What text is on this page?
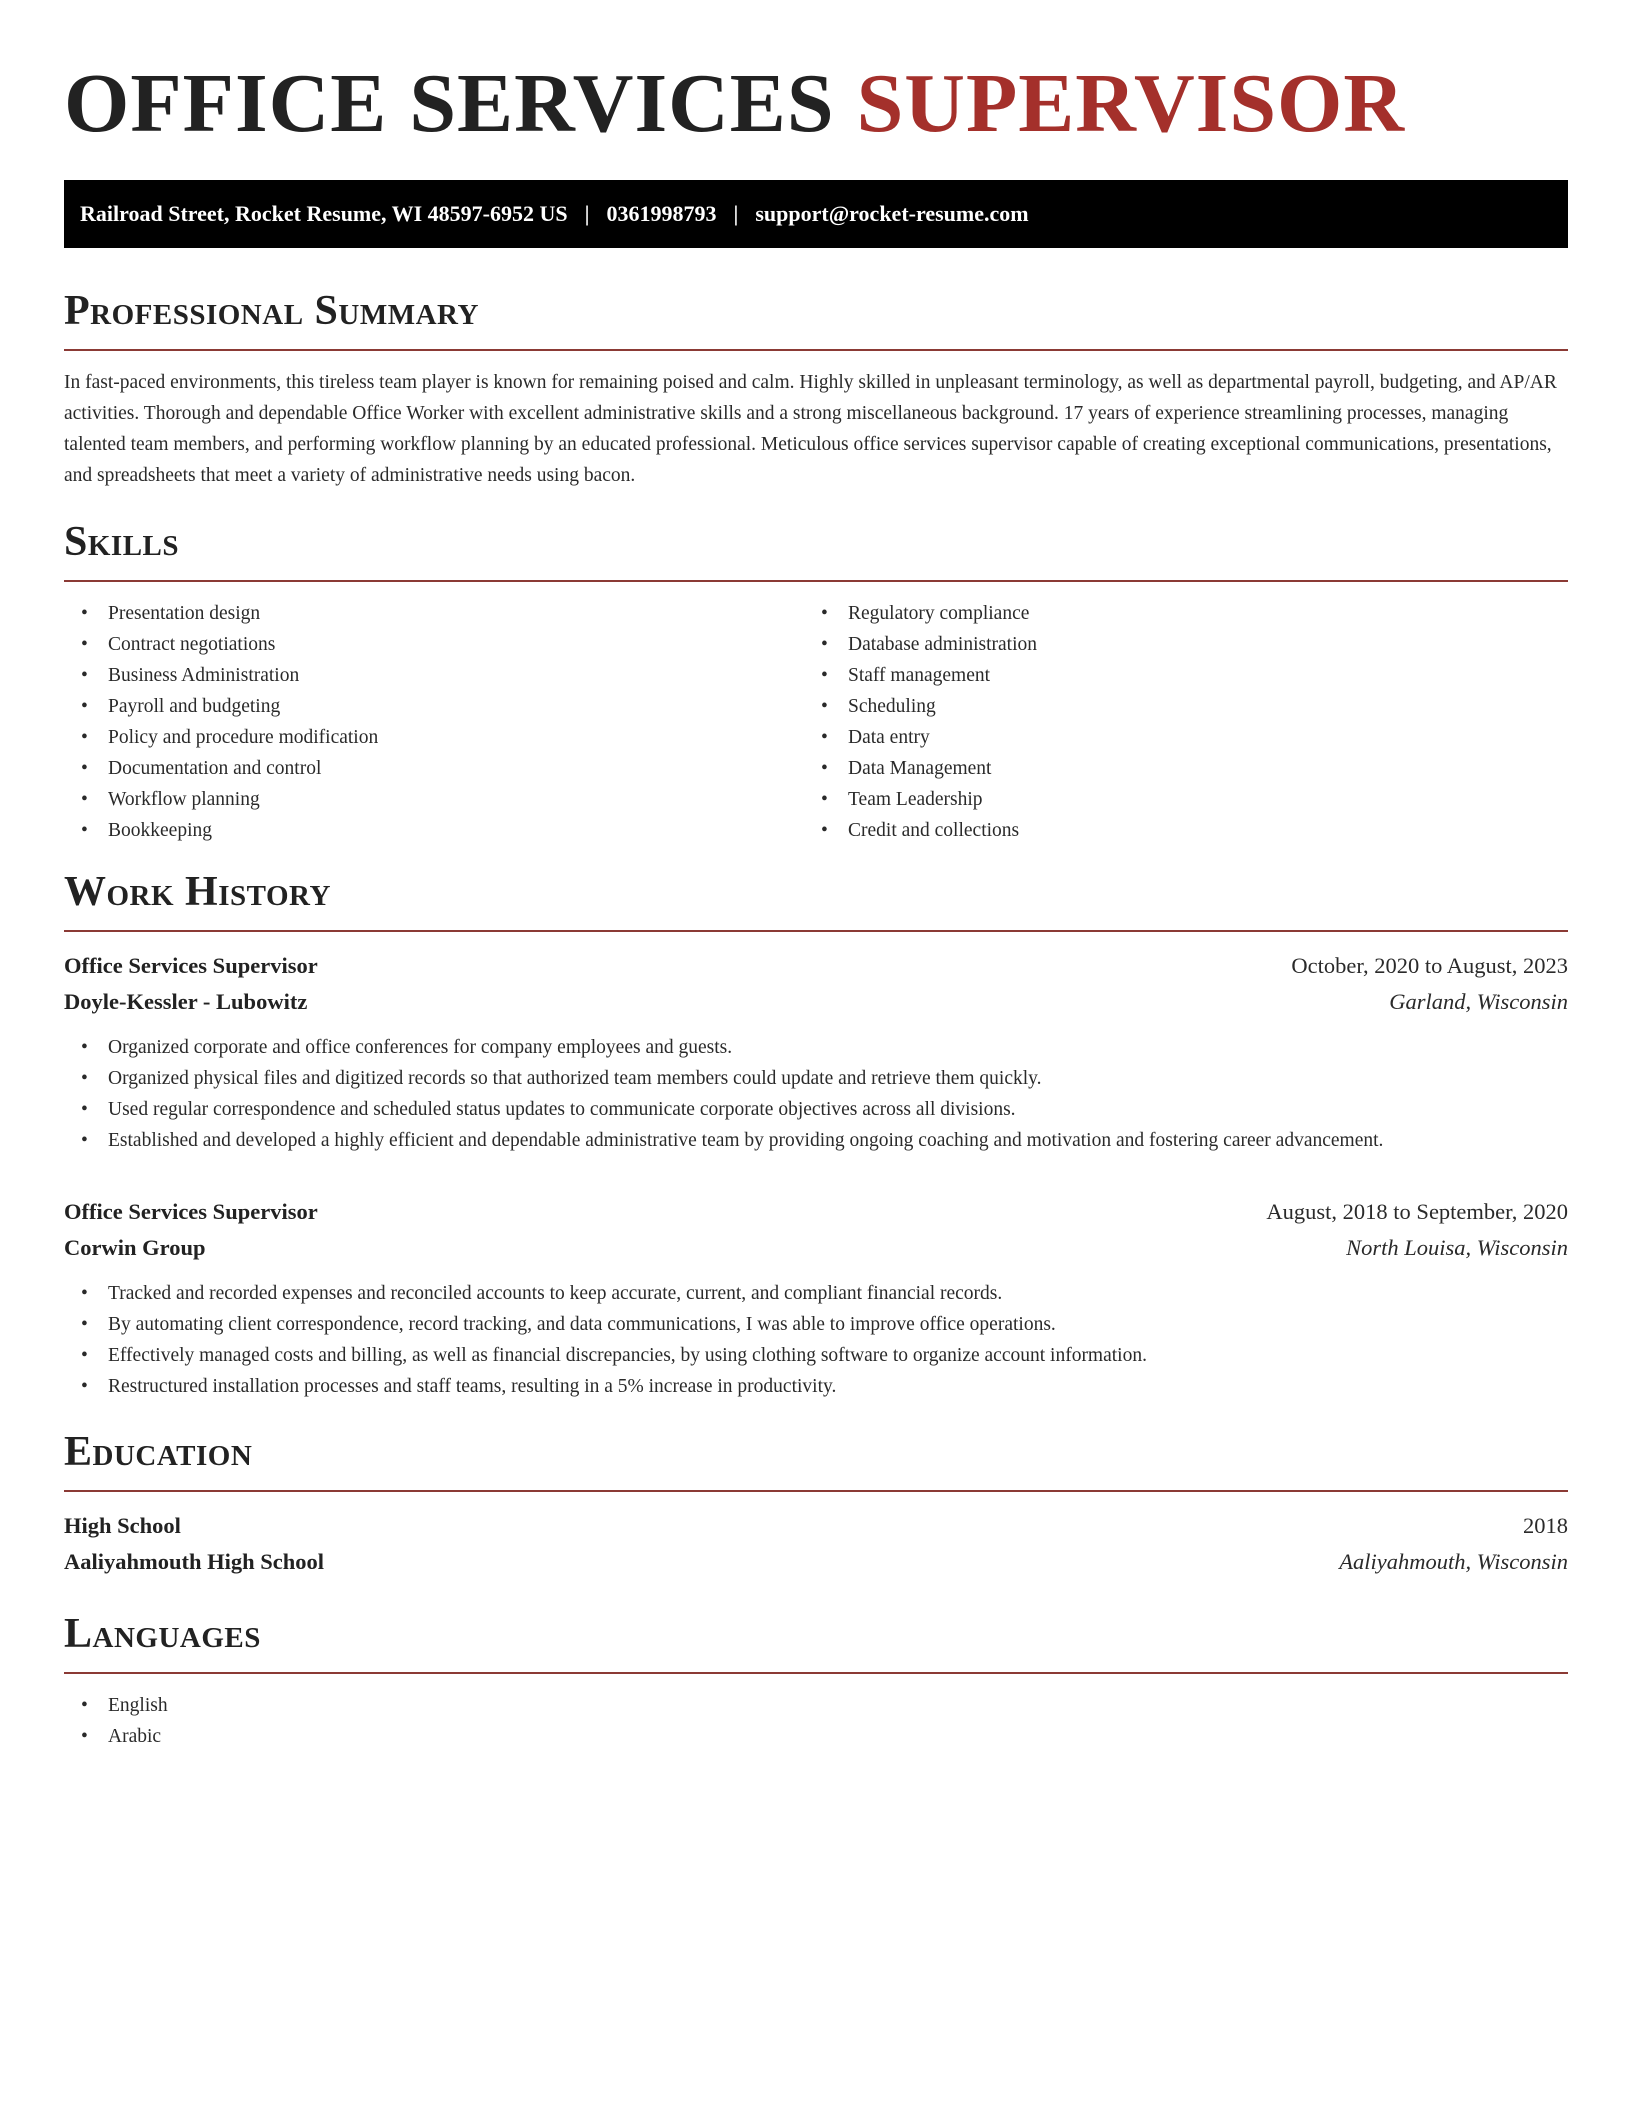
OFFICE SERVICES SUPERVISOR
Railroad Street, Rocket Resume, WI 48597-6952 US | 0361998793 | support@rocket-resume.com
Professional Summary

In fast-paced environments, this tireless team player is known for remaining poised and calm. Highly skilled in unpleasant terminology, as well as departmental payroll, budgeting, and AP/AR activities. Thorough and dependable Office Worker with excellent administrative skills and a strong miscellaneous background. 17 years of experience streamlining processes, managing talented team members, and performing workflow planning by an educated professional. Meticulous office services supervisor capable of creating exceptional communications, presentations, and spreadsheets that meet a variety of administrative needs using bacon.

Skills
• Presentation design
• Contract negotiations
• Business Administration
• Payroll and budgeting
• Policy and procedure modification
• Documentation and control
• Workflow planning
• Bookkeeping
• Regulatory compliance
• Database administration
• Staff management
• Scheduling
• Data entry
• Data Management
• Team Leadership
• Credit and collections
Work History
Office Services Supervisor	October, 2020 to August, 2023
Doyle-Kessler - Lubowitz	Garland, Wisconsin
• Organized corporate and office conferences for company employees and guests.
• Organized physical files and digitized records so that authorized team members could update and retrieve them quickly.
• Used regular correspondence and scheduled status updates to communicate corporate objectives across all divisions.
• Established and developed a highly efficient and dependable administrative team by providing ongoing coaching and motivation and fostering career advancement.
Office Services Supervisor	August, 2018 to September, 2020
Corwin Group	North Louisa, Wisconsin
• Tracked and recorded expenses and reconciled accounts to keep accurate, current, and compliant financial records.
• By automating client correspondence, record tracking, and data communications, I was able to improve office operations.
• Effectively managed costs and billing, as well as financial discrepancies, by using clothing software to organize account information.
• Restructured installation processes and staff teams, resulting in a 5% increase in productivity.
Education
High School	2018
Aaliyahmouth High School	Aaliyahmouth, Wisconsin
Languages
• English
• Arabic
